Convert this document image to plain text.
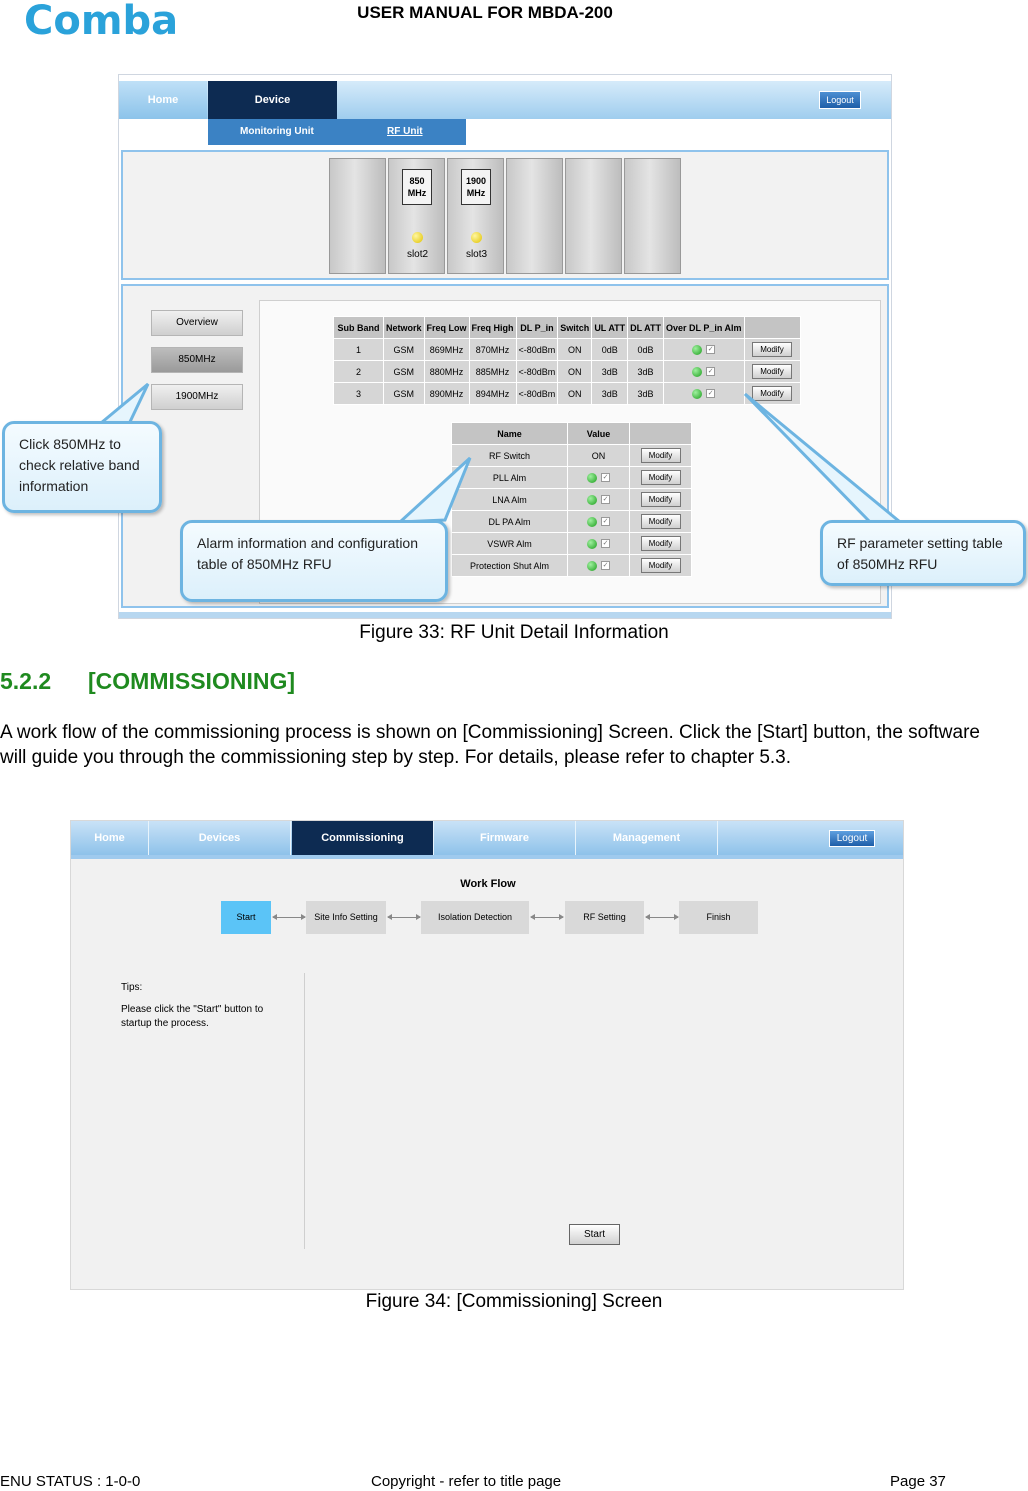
Comba	USER MANUAL FOR MBDA-200
Home	Device	Logout
Monitoring Unit	RF Unit
850
MHz
slot2
1900
MHz
slot3
Overview
850MHz
1900MHz
Sub Band	Network	Freq Low	Freq High	DL P_in	Switch	UL ATT	DL ATT	Over DL P_in Alm	
1	GSM	869MHz	870MHz	<-80dBm	ON	0dB	0dB	✓	Modify
2	GSM	880MHz	885MHz	<-80dBm	ON	3dB	3dB	✓	Modify
3	GSM	890MHz	894MHz	<-80dBm	ON	3dB	3dB	✓	Modify
Name	Value	
RF Switch	ON	Modify
PLL Alm	✓	Modify
LNA Alm	✓	Modify
DL PA Alm	✓	Modify
VSWR Alm	✓	Modify
Protection Shut Alm	✓	Modify
Click 850MHz to check relative band information
Alarm information and configuration table of 850MHz RFU
RF parameter setting table of 850MHz RFU
Figure 33: RF Unit Detail Information
5.2.2 [COMMISSIONING]
A work flow of the commissioning process is shown on [Commissioning] Screen. Click the [Start] button, the software will guide you through the commissioning step by step. For details, please refer to chapter 5.3.
Home	Devices	Commissioning	Firmware	Management	Logout
Work Flow
Start	Site Info Setting	Isolation Detection	RF Setting	Finish
Tips:
Please click the "Start" button to startup the process.
Start
Figure 34: [Commissioning] Screen
ENU STATUS : 1-0-0	Copyright - refer to title page	Page 37
